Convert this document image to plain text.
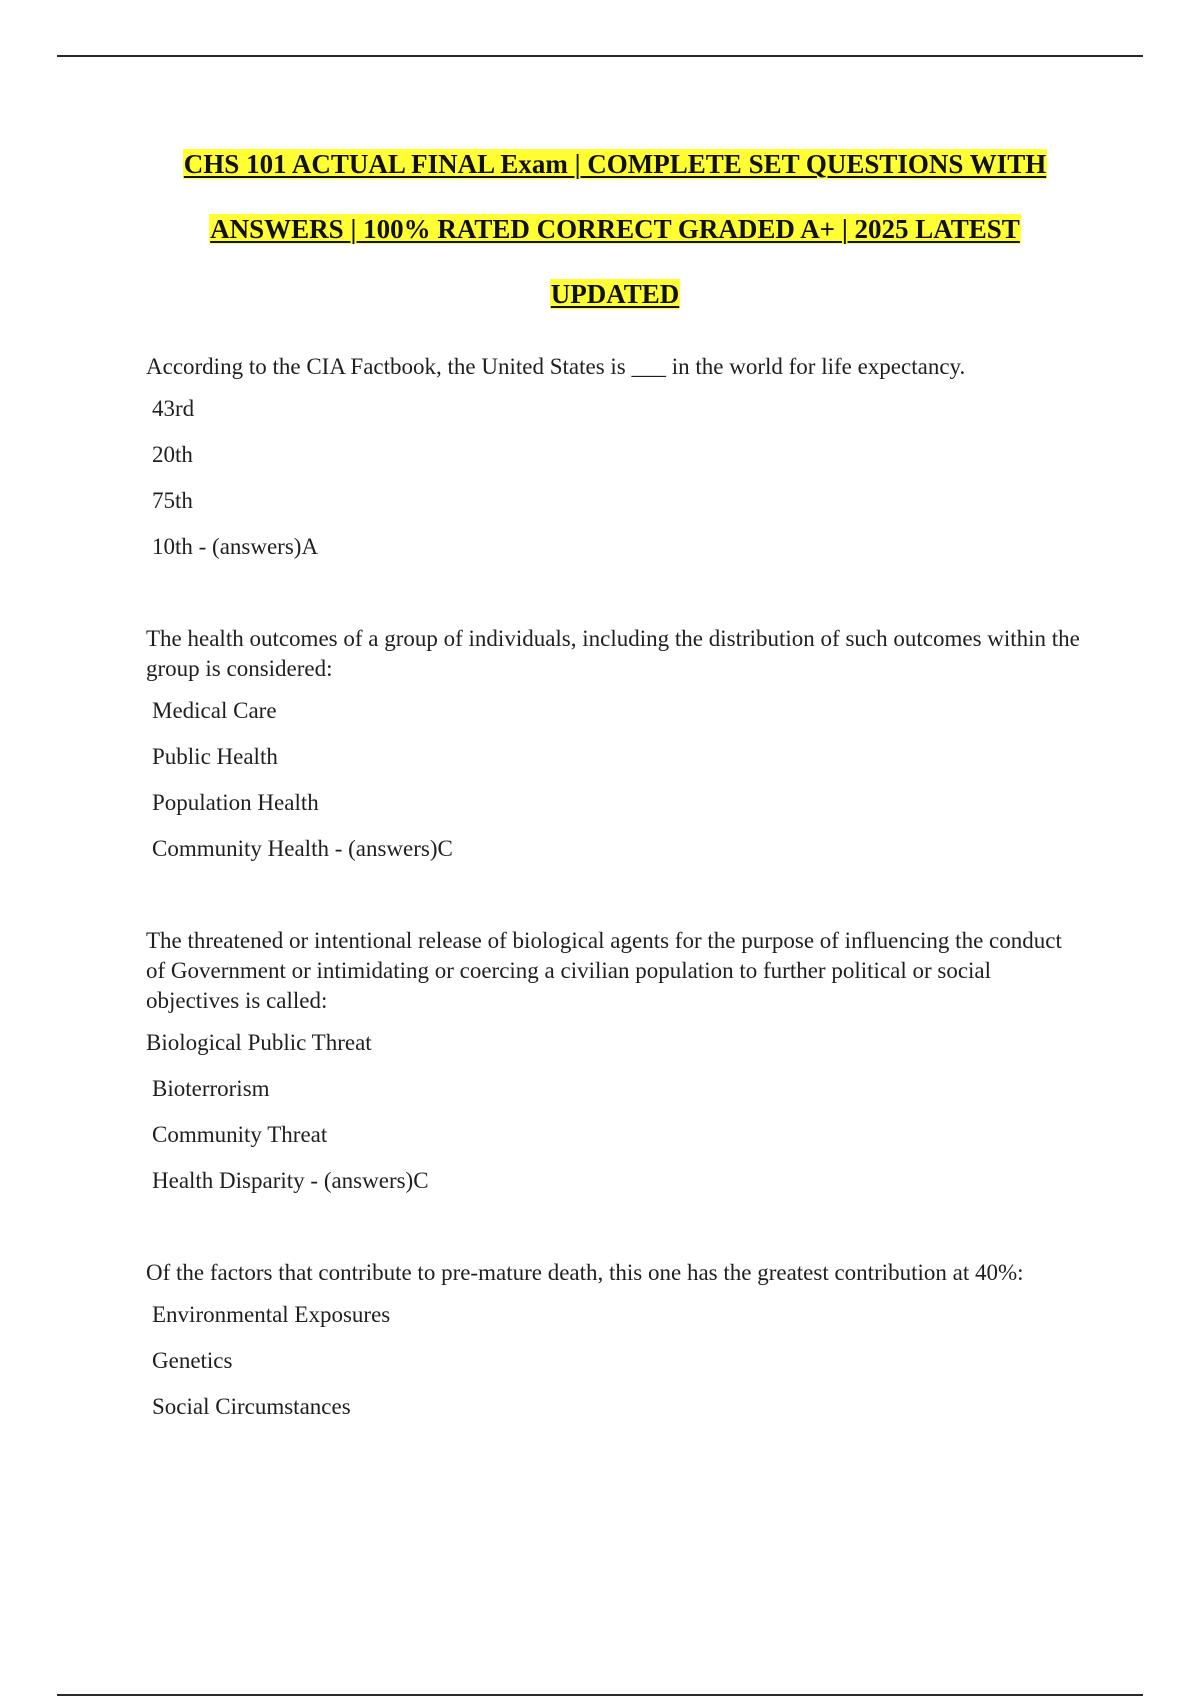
CHS 101 ACTUAL FINAL Exam | COMPLETE SET QUESTIONS WITH
ANSWERS | 100% RATED CORRECT GRADED A+ | 2025 LATEST
UPDATED
According to the CIA Factbook, the United States is ___ in the world for life expectancy.
43rd
20th
75th
10th - (answers)A
The health outcomes of a group of individuals, including the distribution of such outcomes within the group is considered:
Medical Care
Public Health
Population Health
Community Health - (answers)C
The threatened or intentional release of biological agents for the purpose of influencing the conduct of Government or intimidating or coercing a civilian population to further political or social objectives is called:
Biological Public Threat
Bioterrorism
Community Threat
Health Disparity - (answers)C
Of the factors that contribute to pre-mature death, this one has the greatest contribution at 40%:
Environmental Exposures
Genetics
Social Circumstances
